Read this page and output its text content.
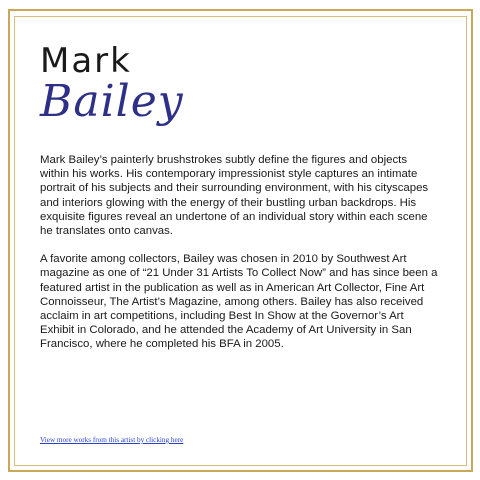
Mark
Bailey

Mark Bailey’s painterly brushstrokes subtly define the figures and objects within his works. His contemporary impressionist style captures an intimate portrait of his subjects and their surrounding environment, with his cityscapes and interiors glowing with the energy of their bustling urban backdrops. His exquisite figures reveal an undertone of an individual story within each scene he translates onto canvas.

A favorite among collectors, Bailey was chosen in 2010 by Southwest Art magazine as one of “21 Under 31 Artists To Collect Now” and has since been a featured artist in the publication as well as in American Art Collector, Fine Art Connoisseur, The Artist’s Magazine, among others. Bailey has also received acclaim in art competitions, including Best In Show at the Governor’s Art Exhibit in Colorado, and he attended the Academy of Art University in San Francisco, where he completed his BFA in 2005.

View more works from this artist by clicking here
